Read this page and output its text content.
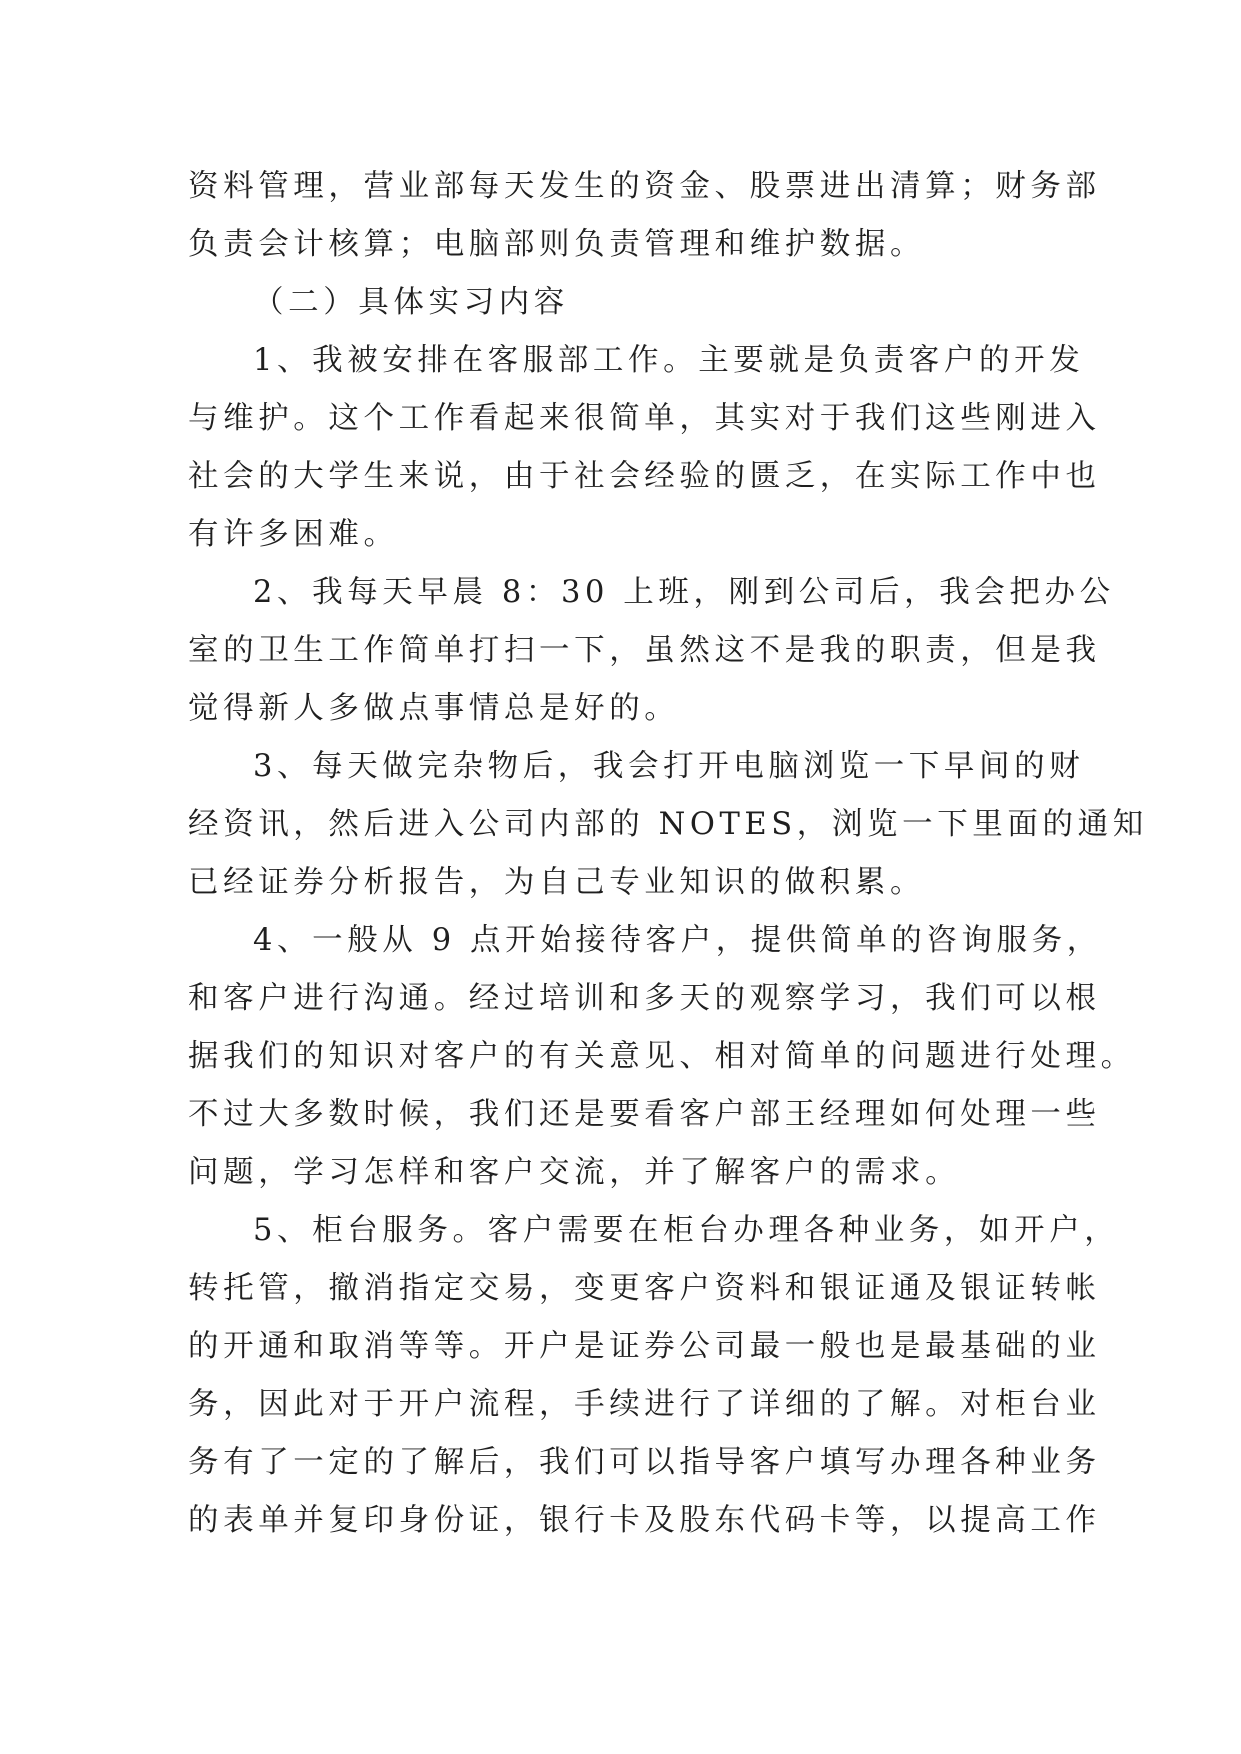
资料管理，营业部每天发生的资金、股票进出清算；财务部
负责会计核算；电脑部则负责管理和维护数据。
（二）具体实习内容
1、我被安排在客服部工作。主要就是负责客户的开发
与维护。这个工作看起来很简单，其实对于我们这些刚进入
社会的大学生来说，由于社会经验的匮乏，在实际工作中也
有许多困难。
2、我每天早晨 8：30 上班，刚到公司后，我会把办公
室的卫生工作简单打扫一下，虽然这不是我的职责，但是我
觉得新人多做点事情总是好的。
3、每天做完杂物后，我会打开电脑浏览一下早间的财
经资讯，然后进入公司内部的 NOTES，浏览一下里面的通知
已经证券分析报告，为自己专业知识的做积累。
4、一般从 9 点开始接待客户，提供简单的咨询服务，
和客户进行沟通。经过培训和多天的观察学习，我们可以根
据我们的知识对客户的有关意见、相对简单的问题进行处理。
不过大多数时候，我们还是要看客户部王经理如何处理一些
问题，学习怎样和客户交流，并了解客户的需求。
5、柜台服务。客户需要在柜台办理各种业务，如开户，
转托管，撤消指定交易，变更客户资料和银证通及银证转帐
的开通和取消等等。开户是证券公司最一般也是最基础的业
务，因此对于开户流程，手续进行了详细的了解。对柜台业
务有了一定的了解后，我们可以指导客户填写办理各种业务
的表单并复印身份证，银行卡及股东代码卡等，以提高工作
